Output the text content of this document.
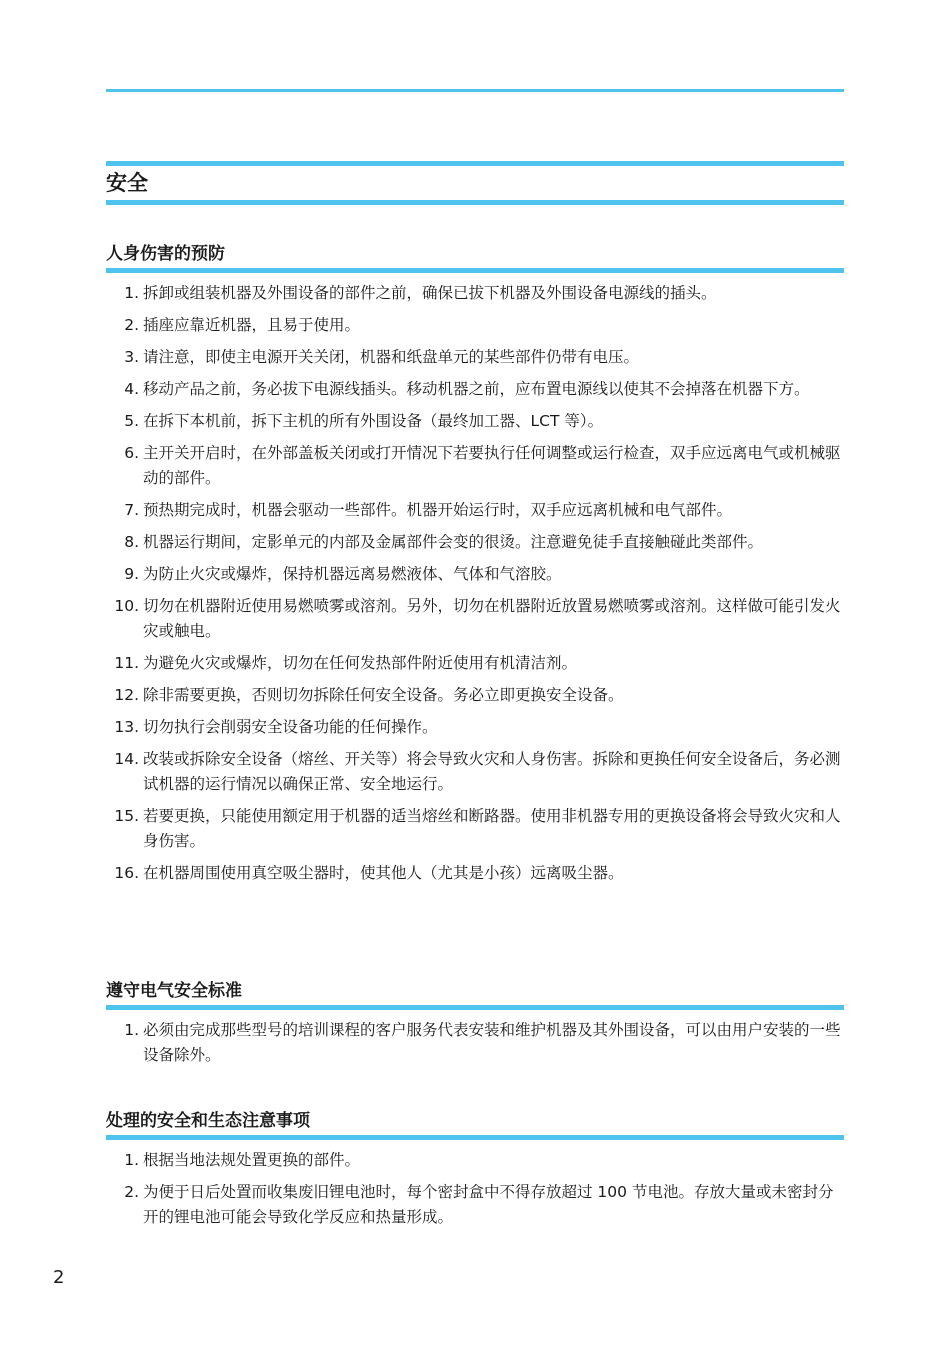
安全
人身伤害的预防
1. 拆卸或组装机器及外围设备的部件之前，确保已拔下机器及外围设备电源线的插头。
2. 插座应靠近机器，且易于使用。
3. 请注意，即使主电源开关关闭，机器和纸盘单元的某些部件仍带有电压。
4. 移动产品之前，务必拔下电源线插头。移动机器之前，应布置电源线以使其不会掉落在机器下方。
5. 在拆下本机前，拆下主机的所有外围设备（最终加工器、LCT 等）。
6. 主开关开启时，在外部盖板关闭或打开情况下若要执行任何调整或运行检查，双手应远离电气或机械驱动的部件。
7. 预热期完成时，机器会驱动一些部件。机器开始运行时，双手应远离机械和电气部件。
8. 机器运行期间，定影单元的内部及金属部件会变的很烫。注意避免徒手直接触碰此类部件。
9. 为防止火灾或爆炸，保持机器远离易燃液体、气体和气溶胶。
10. 切勿在机器附近使用易燃喷雾或溶剂。另外，切勿在机器附近放置易燃喷雾或溶剂。这样做可能引发火灾或触电。
11. 为避免火灾或爆炸，切勿在任何发热部件附近使用有机清洁剂。
12. 除非需要更换，否则切勿拆除任何安全设备。务必立即更换安全设备。
13. 切勿执行会削弱安全设备功能的任何操作。
14. 改装或拆除安全设备（熔丝、开关等）将会导致火灾和人身伤害。拆除和更换任何安全设备后，务必测试机器的运行情况以确保正常、安全地运行。
15. 若要更换，只能使用额定用于机器的适当熔丝和断路器。使用非机器专用的更换设备将会导致火灾和人身伤害。
16. 在机器周围使用真空吸尘器时，使其他人（尤其是小孩）远离吸尘器。
遵守电气安全标准
1. 必须由完成那些型号的培训课程的客户服务代表安装和维护机器及其外围设备，可以由用户安装的一些设备除外。
处理的安全和生态注意事项
1. 根据当地法规处置更换的部件。
2. 为便于日后处置而收集废旧锂电池时，每个密封盒中不得存放超过 100 节电池。存放大量或未密封分开的锂电池可能会导致化学反应和热量形成。
2
